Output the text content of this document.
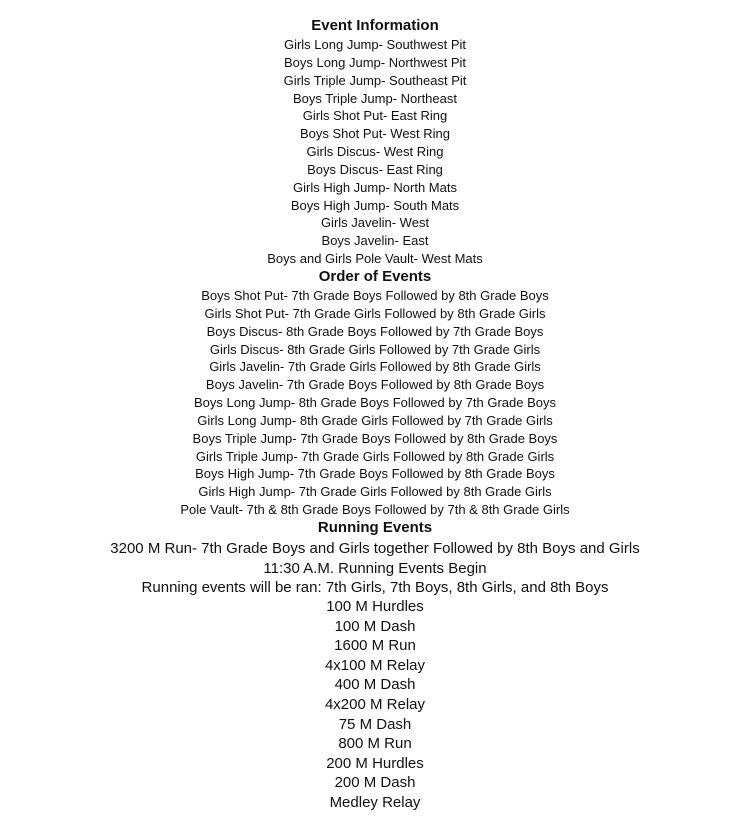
Event Information
Girls Long Jump- Southwest Pit
Boys Long Jump- Northwest Pit
Girls Triple Jump- Southeast Pit
Boys Triple Jump- Northeast
Girls Shot Put- East Ring
Boys Shot Put- West Ring
Girls Discus- West Ring
Boys Discus- East Ring
Girls High Jump- North Mats
Boys High Jump- South Mats
Girls Javelin- West
Boys Javelin- East
Boys and Girls Pole Vault- West Mats
Order of Events
Boys Shot Put- 7th Grade Boys Followed by 8th Grade Boys
Girls Shot Put- 7th Grade Girls Followed by 8th Grade Girls
Boys Discus- 8th Grade Boys Followed by 7th Grade Boys
Girls Discus- 8th Grade Girls Followed by 7th Grade Girls
Girls Javelin- 7th Grade Girls Followed by 8th Grade Girls
Boys Javelin- 7th Grade Boys Followed by 8th Grade Boys
Boys Long Jump- 8th Grade Boys Followed by 7th Grade Boys
Girls Long Jump- 8th Grade Girls Followed by 7th Grade Girls
Boys Triple Jump- 7th Grade Boys Followed by 8th Grade Boys
Girls Triple Jump- 7th Grade Girls Followed by 8th Grade Girls
Boys High Jump- 7th Grade Boys Followed by 8th Grade Boys
Girls High Jump- 7th Grade Girls Followed by 8th Grade Girls
Pole Vault- 7th & 8th Grade Boys Followed by 7th & 8th Grade Girls
Running Events
3200 M Run- 7th Grade Boys and Girls together Followed by 8th Boys and Girls
11:30 A.M. Running Events Begin
Running events will be ran: 7th Girls, 7th Boys, 8th Girls, and 8th Boys
100 M Hurdles
100 M Dash
1600 M Run
4x100 M Relay
400 M Dash
4x200 M Relay
75 M Dash
800 M Run
200 M Hurdles
200 M Dash
Medley Relay
